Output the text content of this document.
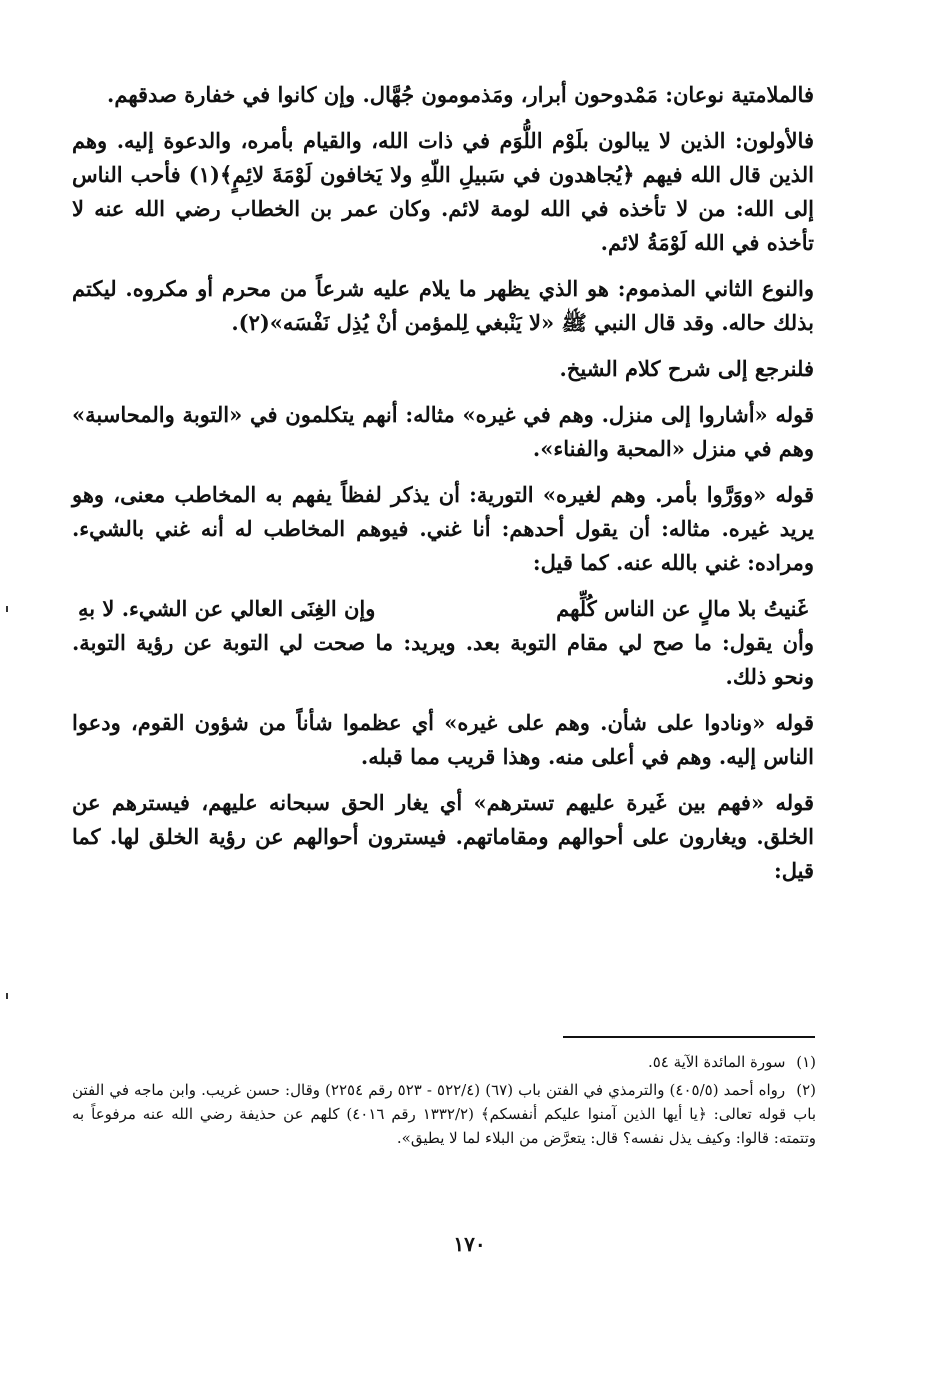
فالملامتية نوعان: مَمْدوحون أبرار، ومَذمومون جُهَّال. وإن كانوا في خفارة صدقهم.
فالأولون: الذين لا يبالون بلَوْم اللُّوَم في ذات الله، والقيام بأمره، والدعوة إليه. وهم الذين قال الله فيهم ﴿يُجاهدون في سَبيلِ اللّهِ ولا يَخافون لَوْمَةَ لائِمٍ﴾(١) فأحب الناس إلى الله: من لا تأخذه في الله لومة لائم. وكان عمر بن الخطاب رضي الله عنه لا تأخذه في الله لَوْمَةُ لائم.
والنوع الثاني المذموم: هو الذي يظهر ما يلام عليه شرعاً من محرم أو مكروه. ليكتم بذلك حاله. وقد قال النبي ﷺ «لا يَنْبغي لِلمؤمن أنْ يُذِل نَفْسَه»(٢).
فلنرجع إلى شرح كلام الشيخ.
قوله «أشاروا إلى منزل. وهم في غيره» مثاله: أنهم يتكلمون في «التوبة والمحاسبة» وهم في منزل «المحبة والفناء».
قوله «ووَرَّوا بأمر. وهم لغيره» التورية: أن يذكر لفظاً يفهم به المخاطب معنى، وهو يريد غيره. مثاله: أن يقول أحدهم: أنا غني. فيوهم المخاطب له أنه غني بالشيء. ومراده: غني بالله عنه. كما قيل:
غَنيتُ بلا مالٍ عن الناس كُلِّهم
وإن الغِنَى العالي عن الشيء. لا بهِ
وأن يقول: ما صح لي مقام التوبة بعد. ويريد: ما صحت لي التوبة عن رؤية التوبة. ونحو ذلك.
قوله «ونادوا على شأن. وهم على غيره» أي عظموا شأناً من شؤون القوم، ودعوا الناس إليه. وهم في أعلى منه. وهذا قريب مما قبله.
قوله «فهم بين غَيرة عليهم تسترهم» أي يغار الحق سبحانه عليهم، فيسترهم عن الخلق. ويغارون على أحوالهم ومقاماتهم. فيسترون أحوالهم عن رؤية الخلق لها. كما قيل:
(١) سورة المائدة الآية ٥٤.
(٢) رواه أحمد (٤٠٥/٥) والترمذي في الفتن باب (٦٧) (٥٢٢/٤ - ٥٢٣ رقم ٢٢٥٤) وقال: حسن غريب. وابن ماجه في الفتن باب قوله تعالى: ﴿يا أيها الذين آمنوا عليكم أنفسكم﴾ (١٣٣٢/٢ رقم ٤٠١٦) كلهم عن حذيفة رضي الله عنه مرفوعاً به وتتمته: قالوا: وكيف يذل نفسه؟ قال: يتعرَّض من البلاء لما لا يطيق».
١٧٠
